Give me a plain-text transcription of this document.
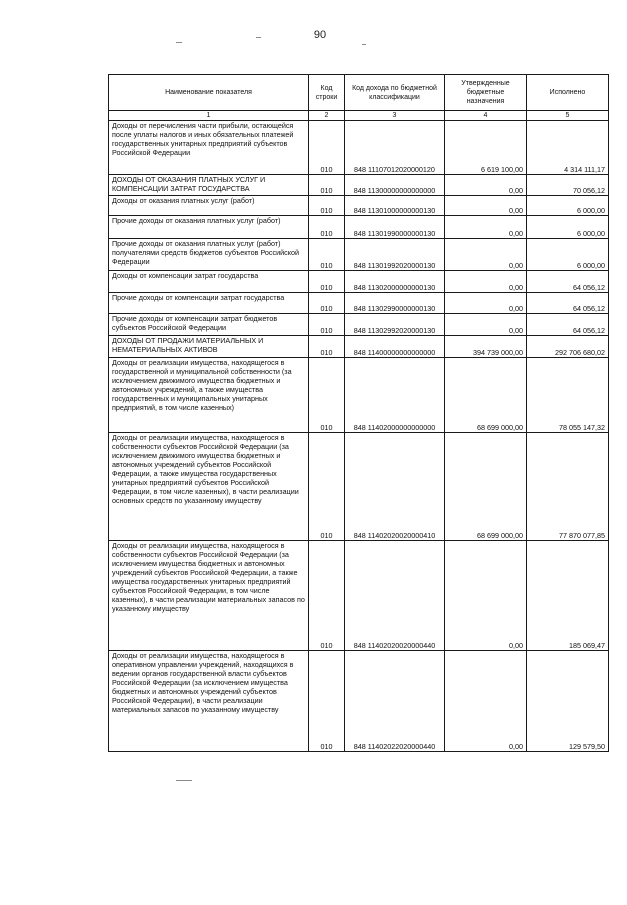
90
Наименование показателя	Код строки	Код дохода по бюджетной классификации	Утвержденные бюджетные назначения	Исполнено
1	2	3	4	5
Доходы от перечисления части прибыли, остающейся после уплаты налогов и иных обязательных платежей государственных унитарных предприятий субъектов Российской Федерации	010	848 11107012020000120	6 619 100,00	4 314 111,17
ДОХОДЫ ОТ ОКАЗАНИЯ ПЛАТНЫХ УСЛУГ И КОМПЕНСАЦИИ ЗАТРАТ ГОСУДАРСТВА	010	848 11300000000000000	0,00	70 056,12
Доходы от оказания платных услуг (работ)	010	848 11301000000000130	0,00	6 000,00
Прочие доходы от оказания платных услуг (работ)	010	848 11301990000000130	0,00	6 000,00
Прочие доходы от оказания платных услуг (работ) получателями средств бюджетов субъектов Российской Федерации	010	848 11301992020000130	0,00	6 000,00
Доходы от компенсации затрат государства	010	848 11302000000000130	0,00	64 056,12
Прочие доходы от компенсации затрат государства	010	848 11302990000000130	0,00	64 056,12
Прочие доходы от компенсации затрат бюджетов субъектов Российской Федерации	010	848 11302992020000130	0,00	64 056,12
ДОХОДЫ ОТ ПРОДАЖИ МАТЕРИАЛЬНЫХ И НЕМАТЕРИАЛЬНЫХ АКТИВОВ	010	848 11400000000000000	394 739 000,00	292 706 680,02
Доходы от реализации имущества, находящегося в государственной и муниципальной собственности (за исключением движимого имущества бюджетных и автономных учреждений, а также имущества государственных и муниципальных унитарных предприятий, в том числе казенных)	010	848 11402000000000000	68 699 000,00	78 055 147,32
Доходы от реализации имущества, находящегося в собственности субъектов Российской Федерации (за исключением движимого имущества бюджетных и автономных учреждений субъектов Российской Федерации, а также имущества государственных унитарных предприятий субъектов Российской Федерации, в том числе казенных), в части реализации основных средств по указанному имуществу	010	848 11402020020000410	68 699 000,00	77 870 077,85
Доходы от реализации имущества, находящегося в собственности субъектов Российской Федерации (за исключением имущества бюджетных и автономных учреждений субъектов Российской Федерации, а также имущества государственных унитарных предприятий субъектов Российской Федерации, в том числе казенных), в части реализации материальных запасов по указанному имуществу	010	848 11402020020000440	0,00	185 069,47
Доходы от реализации имущества, находящегося в оперативном управлении учреждений, находящихся в ведении органов государственной власти субъектов Российской Федерации (за исключением имущества бюджетных и автономных учреждений субъектов Российской Федерации), в части реализации материальных запасов по указанному имуществу	010	848 11402022020000440	0,00	129 579,50
